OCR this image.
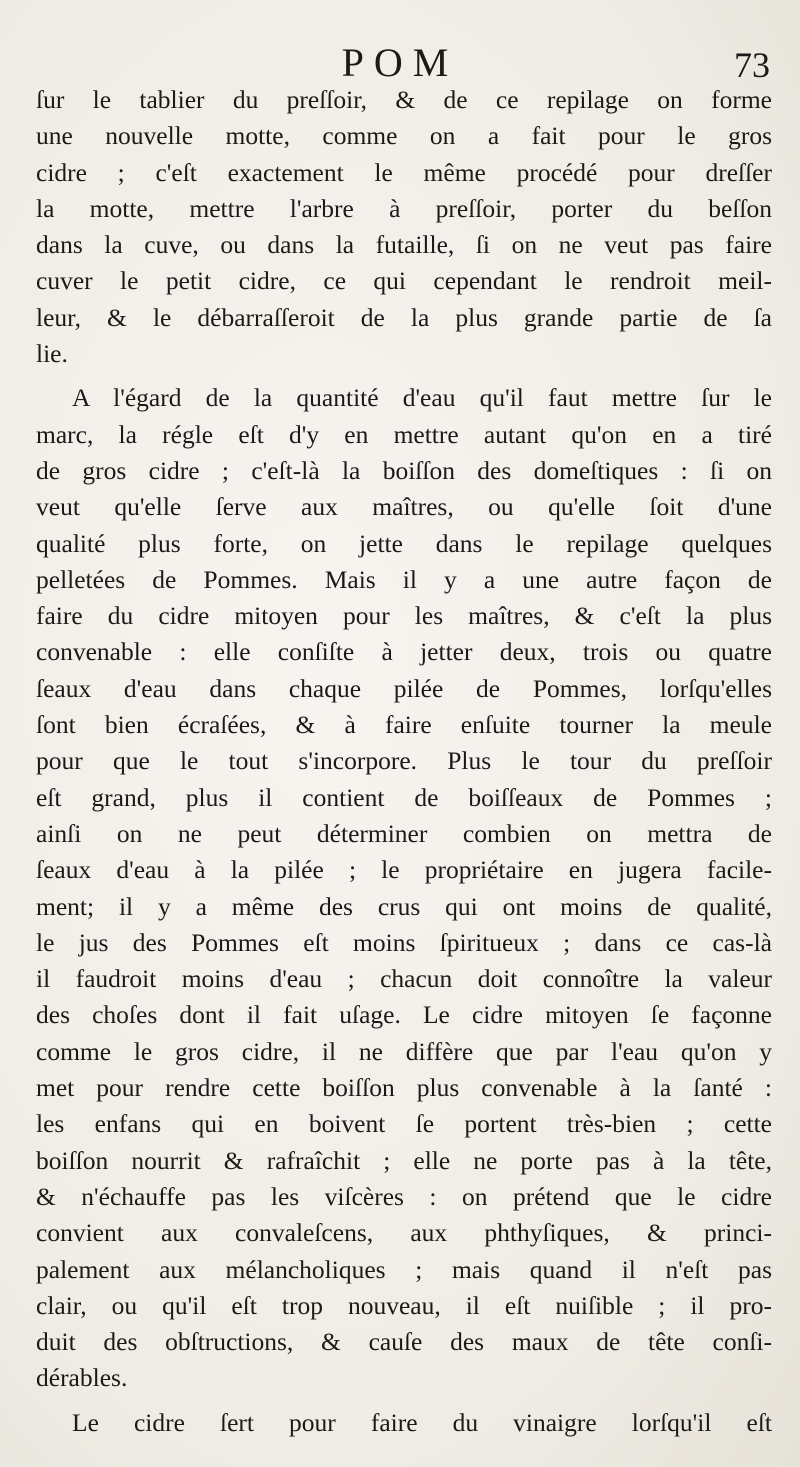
POM	73

ſur le tablier du preſſoir, & de ce repilage on forme
une nouvelle motte, comme on a fait pour le gros
cidre ; c'eſt exactement le même procédé pour dreſſer
la motte, mettre l'arbre à preſſoir, porter du beſſon
dans la cuve, ou dans la futaille, ſi on ne veut pas faire
cuver le petit cidre, ce qui cependant le rendroit meil-
leur, & le débarraſſeroit de la plus grande partie de ſa
lie.

A l'égard de la quantité d'eau qu'il faut mettre ſur le
marc, la régle eſt d'y en mettre autant qu'on en a tiré
de gros cidre ; c'eſt-là la boiſſon des domeſtiques : ſi on
veut qu'elle ſerve aux maîtres, ou qu'elle ſoit d'une
qualité plus forte, on jette dans le repilage quelques
pelletées de Pommes. Mais il y a une autre façon de
faire du cidre mitoyen pour les maîtres, & c'eſt la plus
convenable : elle conſiſte à jetter deux, trois ou quatre
ſeaux d'eau dans chaque pilée de Pommes, lorſqu'elles
ſont bien écraſées, & à faire enſuite tourner la meule
pour que le tout s'incorpore. Plus le tour du preſſoir
eſt grand, plus il contient de boiſſeaux de Pommes ;
ainſi on ne peut déterminer combien on mettra de
ſeaux d'eau à la pilée ; le propriétaire en jugera facile-
ment; il y a même des crus qui ont moins de qualité,
le jus des Pommes eſt moins ſpiritueux ; dans ce cas-là
il faudroit moins d'eau ; chacun doit connoître la valeur
des choſes dont il fait uſage. Le cidre mitoyen ſe façonne
comme le gros cidre, il ne diffère que par l'eau qu'on y
met pour rendre cette boiſſon plus convenable à la ſanté :
les enfans qui en boivent ſe portent très-bien ; cette
boiſſon nourrit & rafraîchit ; elle ne porte pas à la tête,
& n'échauffe pas les viſcères : on prétend que le cidre
convient aux convaleſcens, aux phthyſiques, & princi-
palement aux mélancholiques ; mais quand il n'eſt pas
clair, ou qu'il eſt trop nouveau, il eſt nuiſible ; il pro-
duit des obſtructions, & cauſe des maux de tête conſi-
dérables.

Le cidre ſert pour faire du vinaigre lorſqu'il eſt
